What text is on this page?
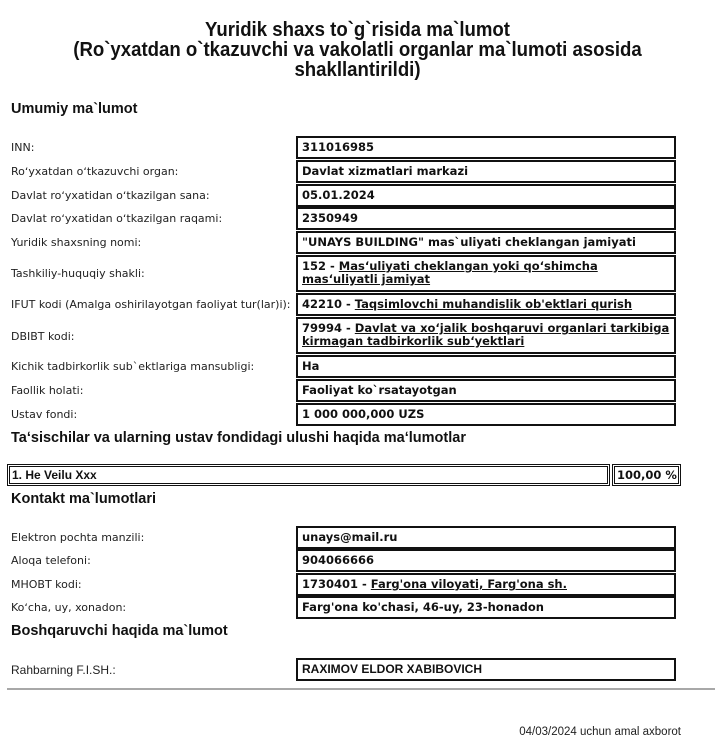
Yuridik shaxs to`g`risida ma`lumot
(Ro`yxatdan o`tkazuvchi va vakolatli organlar ma`lumoti asosida
shakllantirildi)
Umumiy ma`lumot
INN:	311016985
Roʻyxatdan oʻtkazuvchi organ:	Davlat xizmatlari markazi
Davlat roʻyxatidan oʻtkazilgan sana:	05.01.2024
Davlat roʻyxatidan oʻtkazilgan raqami:	2350949
Yuridik shaxsning nomi:	"UNAYS BUILDING" mas`uliyati cheklangan jamiyati
Tashkiliy-huquqiy shakli:
152 - Masʻuliyati cheklangan yoki qoʻshimcha masʻuliyatli jamiyat
IFUT kodi (Amalga oshirilayotgan faoliyat tur(lar)i): 42210 - Taqsimlovchi muhandislik ob'ektlari qurish
DBIBT kodi:
79994 - Davlat va xoʻjalik boshqaruvi organlari tarkibiga kirmagan tadbirkorlik subʻyektlari
Kichik tadbirkorlik sub`ektlariga mansubligi:	Ha
Faollik holati:	Faoliyat ko`rsatayotgan
Ustav fondi:	1 000 000,000 UZS
Taʻsischilar va ularning ustav fondidagi ulushi haqida maʻlumotlar
1. He Veilu Xxx	100,00 %
Kontakt ma`lumotlari
Elektron pochta manzili:	unays@mail.ru
Aloqa telefoni:	904066666
MHOBT kodi:	1730401 - Farg'ona viloyati, Farg'ona sh.
Koʻcha, uy, xonadon:	Farg'ona ko'chasi, 46-uy, 23-honadon
Boshqaruvchi haqida ma`lumot
Rahbarning F.I.SH.:	RAXIMOV ELDOR XABIBOVICH
04/03/2024 uchun amal axborot
